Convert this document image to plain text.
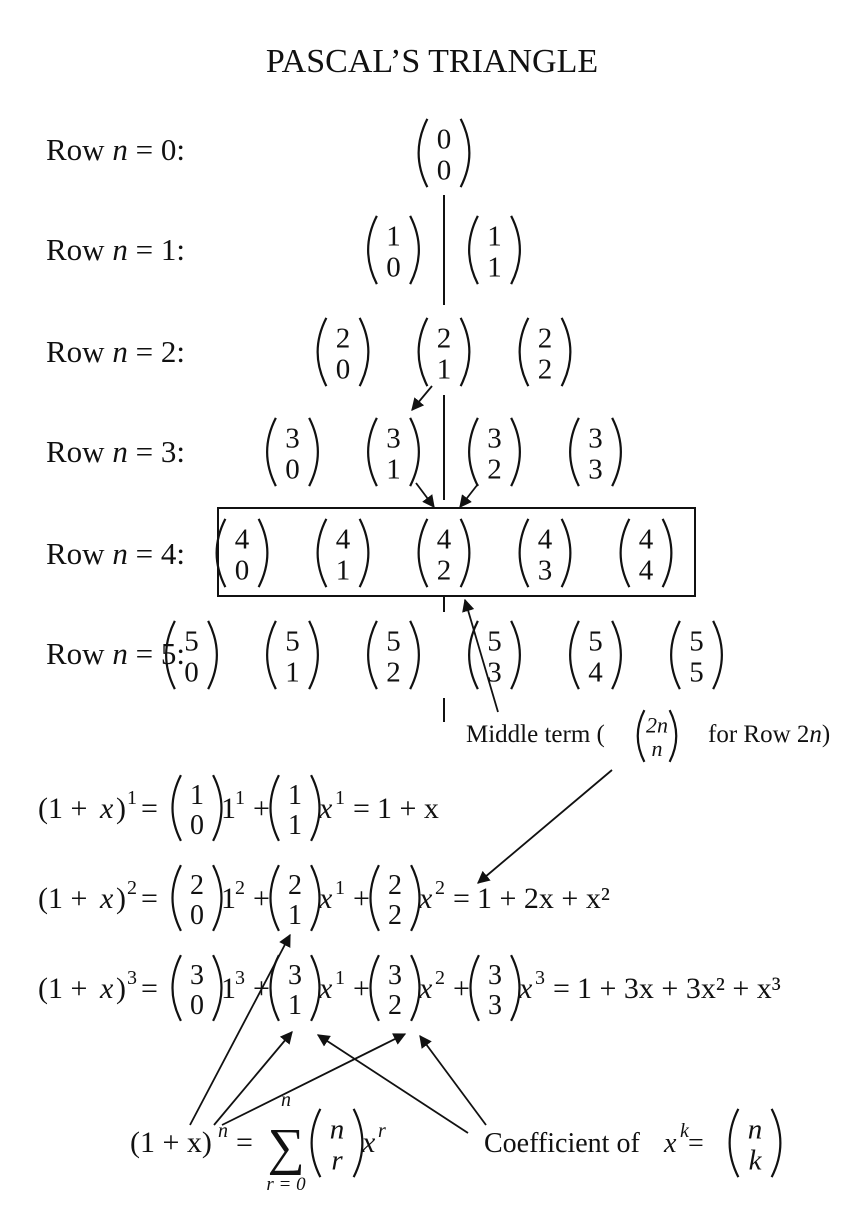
PASCAL’S TRIANGLE
Row n = 0:
Row n = 1:
Row n = 2:
Row n = 3:
Row n = 4:
Row n = 5:
0
0
1
0
1
1
2
0
2
1
2
2
3
0
3
1
3
2
3
3
4
0
4
1
4
2
4
3
4
4
5
0
5
1
5
2
5
3
5
4
5
5
Middle term (	for Row 2n)
2n
n
(1 + x ) 1 = 1
0
1 1 + 1
1
x 1 = 1 + x
(1 + x ) 2 = 2
0
1 2 + 2
1
x 1 + 2
2
x 2 = 1 + 2x + x²
(1 + x ) 3 = 3
0
1 3 + 3
1
x 1 + 3
2
x 2 + 3
3
x 3 = 1 + 3x + 3x² + x³
(1 + x) n =
n
∑
r = 0
n
r
x r	Coefficient of x k = n
k
